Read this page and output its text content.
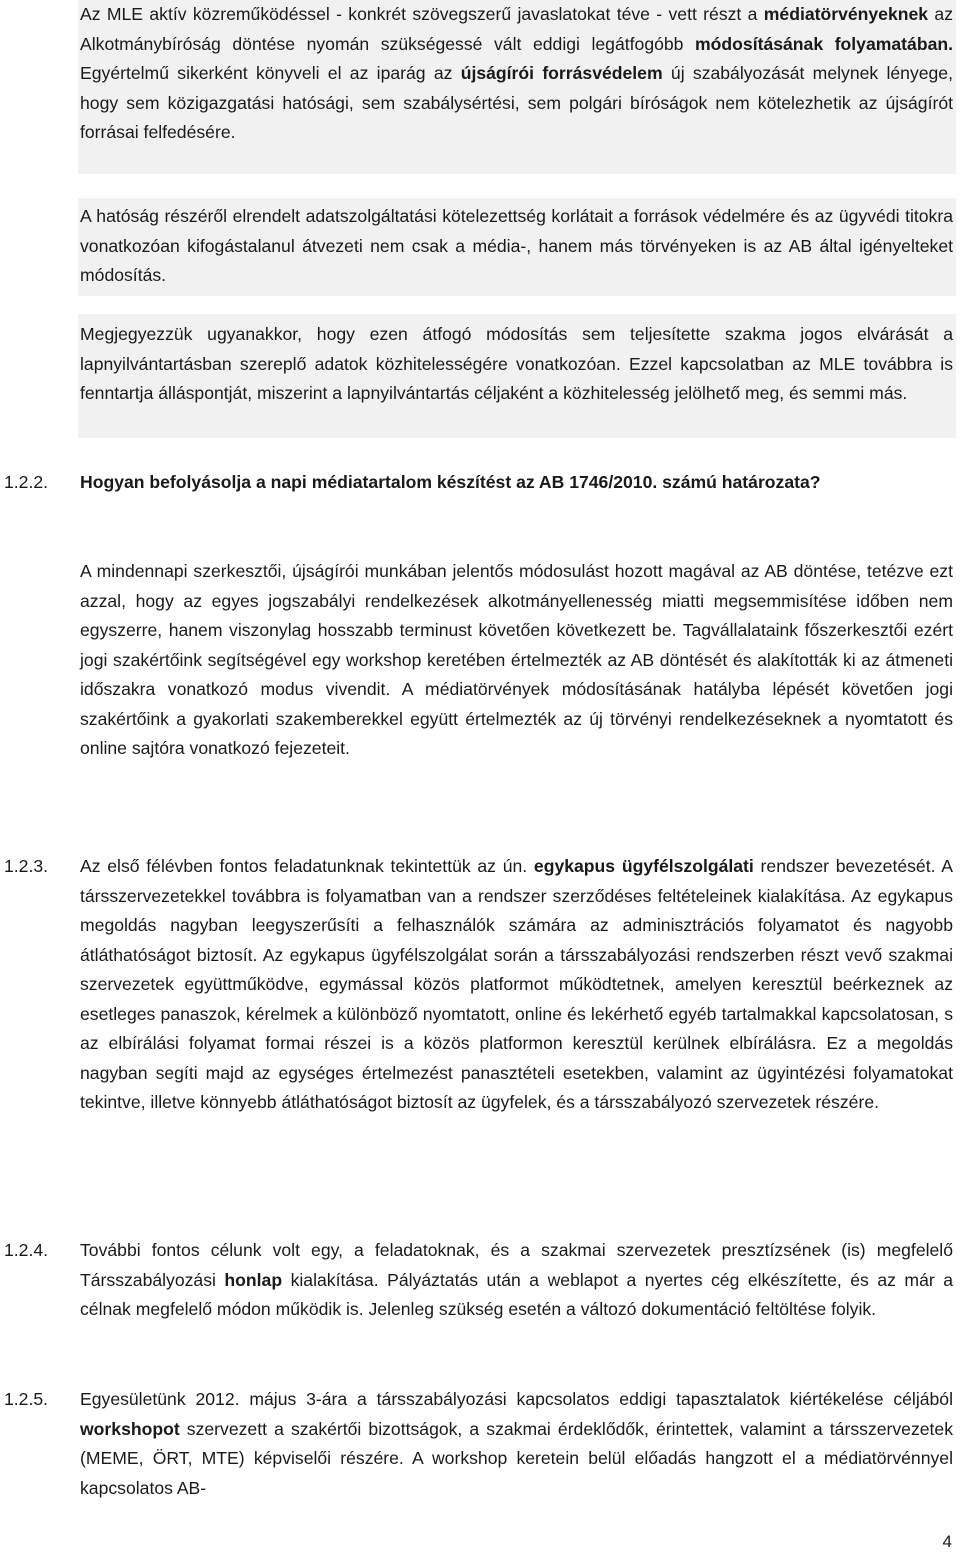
Az MLE aktív közreműködéssel - konkrét szövegszerű javaslatokat téve - vett részt a médiatörvényeknek az Alkotmánybíróság döntése nyomán szükségessé vált eddigi legátfogóbb módosításának folyamatában. Egyértelmű sikerként könyveli el az iparág az újságírói forrásvédelem új szabályozását melynek lényege, hogy sem közigazgatási hatósági, sem szabálysértési, sem polgári bíróságok nem kötelezhetik az újságírót forrásai felfedésére.

A hatóság részéről elrendelt adatszolgáltatási kötelezettség korlátait a források védelmére és az ügyvédi titokra vonatkozóan kifogástalanul átvezeti nem csak a média-, hanem más törvényeken is az AB által igényelteket módosítás.

Megjegyezzük ugyanakkor, hogy ezen átfogó módosítás sem teljesítette szakma jogos elvárását a lapnyilvántartásban szereplő adatok közhitelességére vonatkozóan. Ezzel kapcsolatban az MLE továbbra is fenntartja álláspontját, miszerint a lapnyilvántartás céljaként a közhitelesség jelölhető meg, és semmi más.

1.2.2.	Hogyan befolyásolja a napi médiatartalom készítést az AB 1746/2010. számú határozata?

A mindennapi szerkesztői, újságírói munkában jelentős módosulást hozott magával az AB döntése, tetézve ezt azzal, hogy az egyes jogszabályi rendelkezések alkotmányellenesség miatti megsemmisítése időben nem egyszerre, hanem viszonylag hosszabb terminust követően következett be. Tagvállalataink főszerkesztői ezért jogi szakértőink segítségével egy workshop keretében értelmezték az AB döntését és alakították ki az átmeneti időszakra vonatkozó modus vivendit. A médiatörvények módosításának hatályba lépését követően jogi szakértőink a gyakorlati szakemberekkel együtt értelmezték az új törvényi rendelkezéseknek a nyomtatott és online sajtóra vonatkozó fejezeteit.

1.2.3.	Az első félévben fontos feladatunknak tekintettük az ún. egykapus ügyfélszolgálati rendszer bevezetését. A társszervezetekkel továbbra is folyamatban van a rendszer szerződéses feltételeinek kialakítása. Az egykapus megoldás nagyban leegyszerűsíti a felhasználók számára az adminisztrációs folyamatot és nagyobb átláthatóságot biztosít. Az egykapus ügyfélszolgálat során a társszabályozási rendszerben részt vevő szakmai szervezetek együttműködve, egymással közös platformot működtetnek, amelyen keresztül beérkeznek az esetleges panaszok, kérelmek a különböző nyomtatott, online és lekérhető egyéb tartalmakkal kapcsolatosan, s az elbírálási folyamat formai részei is a közös platformon keresztül kerülnek elbírálásra. Ez a megoldás nagyban segíti majd az egységes értelmezést panasztételi esetekben, valamint az ügyintézési folyamatokat tekintve, illetve könnyebb átláthatóságot biztosít az ügyfelek, és a társszabályozó szervezetek részére.

1.2.4.	További fontos célunk volt egy, a feladatoknak, és a szakmai szervezetek presztízsének (is) megfelelő Társszabályozási honlap kialakítása. Pályáztatás után a weblapot a nyertes cég elkészítette, és az már a célnak megfelelő módon működik is. Jelenleg szükség esetén a változó dokumentáció feltöltése folyik.

1.2.5.	Egyesületünk 2012. május 3-ára a társszabályozási kapcsolatos eddigi tapasztalatok kiértékelése céljából workshopot szervezett a szakértői bizottságok, a szakmai érdeklődők, érintettek, valamint a társszervezetek (MEME, ÖRT, MTE) képviselői részére. A workshop keretein belül előadás hangzott el a médiatörvénnyel kapcsolatos AB-

4
